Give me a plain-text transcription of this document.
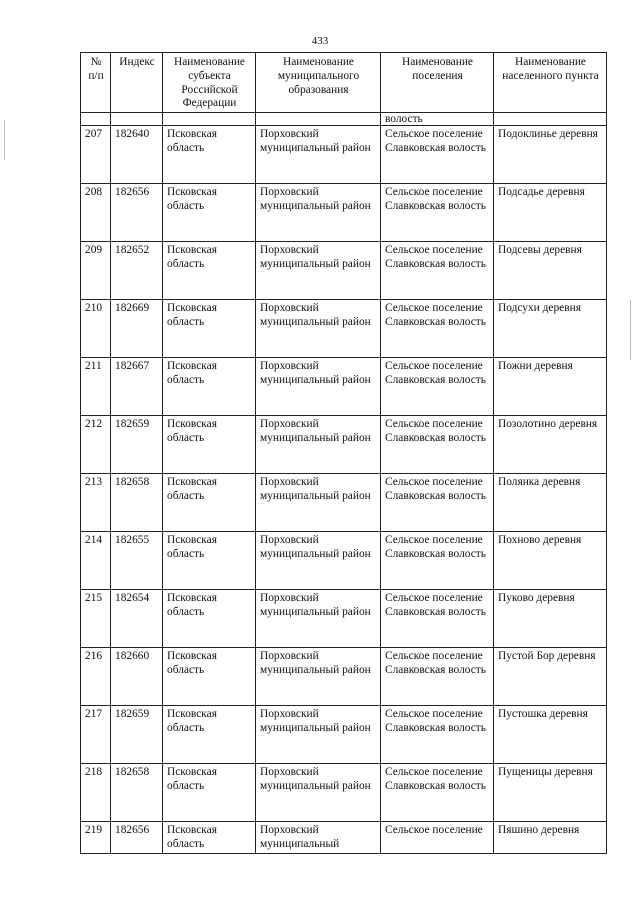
433
№ п/п	Индекс	Наименование субъекта Российской Федерации	Наименование муниципального образования	Наименование поселения	Наименование населенного пункта
				волость	
207	182640	Псковская область	Порховский муниципальный район	Сельское поселение Славковская волость	Подоклинье деревня
208	182656	Псковская область	Порховский муниципальный район	Сельское поселение Славковская волость	Подсадье деревня
209	182652	Псковская область	Порховский муниципальный район	Сельское поселение Славковская волость	Подсевы деревня
210	182669	Псковская область	Порховский муниципальный район	Сельское поселение Славковская волость	Подсухи деревня
211	182667	Псковская область	Порховский муниципальный район	Сельское поселение Славковская волость	Пожни деревня
212	182659	Псковская область	Порховский муниципальный район	Сельское поселение Славковская волость	Позолотино деревня
213	182658	Псковская область	Порховский муниципальный район	Сельское поселение Славковская волость	Полянка деревня
214	182655	Псковская область	Порховский муниципальный район	Сельское поселение Славковская волость	Похново деревня
215	182654	Псковская область	Порховский муниципальный район	Сельское поселение Славковская волость	Пуково деревня
216	182660	Псковская область	Порховский муниципальный район	Сельское поселение Славковская волость	Пустой Бор деревня
217	182659	Псковская область	Порховский муниципальный район	Сельское поселение Славковская волость	Пустошка деревня
218	182658	Псковская область	Порховский муниципальный район	Сельское поселение Славковская волость	Пущеницы деревня
219	182656	Псковская область	Порховский муниципальный	Сельское поселение	Пяшино деревня
